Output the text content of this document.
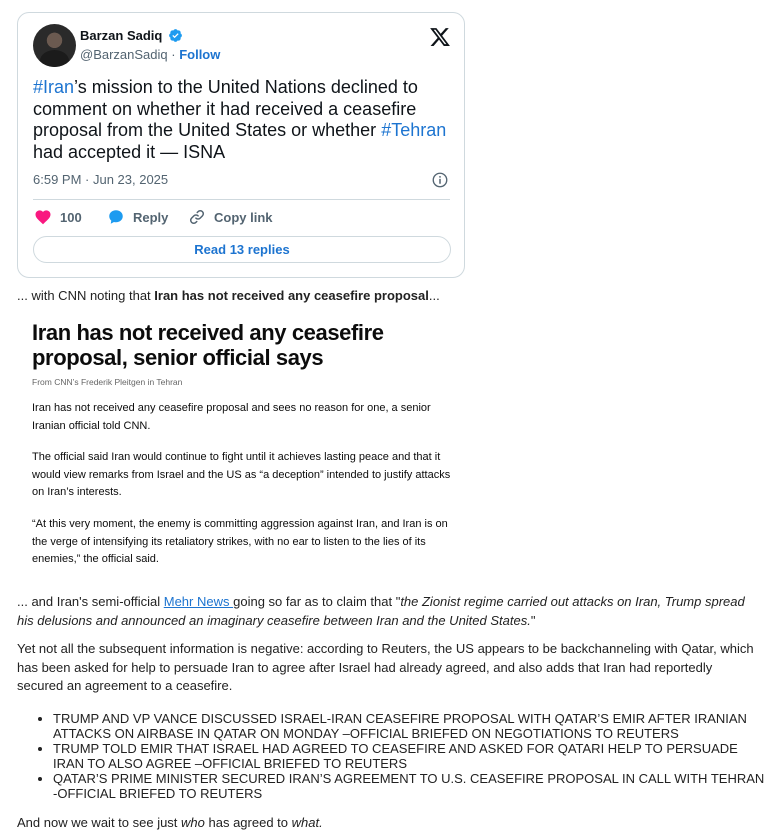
Barzan Sadiq
@BarzanSadiq · Follow
#Iran’s mission to the United Nations declined to comment on whether it had received a ceasefire proposal from the United States or whether #Tehran had accepted it — ISNA
6:59 PM · Jun 23, 2025
100	Reply	Copy link
Read 13 replies
... with CNN noting that Iran has not received any ceasefire proposal...
Iran has not received any ceasefire proposal, senior official says
From CNN’s Frederik Pleitgen in Tehran
Iran has not received any ceasefire proposal and sees no reason for one, a senior Iranian official told CNN.
The official said Iran would continue to fight until it achieves lasting peace and that it would view remarks from Israel and the US as “a deception” intended to justify attacks on Iran’s interests.
“At this very moment, the enemy is committing aggression against Iran, and Iran is on the verge of intensifying its retaliatory strikes, with no ear to listen to the lies of its enemies,” the official said.
... and Iran's semi-official Mehr News going so far as to claim that "the Zionist regime carried out attacks on Iran, Trump spread his delusions and announced an imaginary ceasefire between Iran and the United States."
Yet not all the subsequent information is negative: according to Reuters, the US appears to be backchanneling with Qatar, which has been asked for help to persuade Iran to agree after Israel had already agreed, and also adds that Iran had reportedly secured an agreement to a ceasefire.
• TRUMP AND VP VANCE DISCUSSED ISRAEL-IRAN CEASEFIRE PROPOSAL WITH QATAR’S EMIR AFTER IRANIAN ATTACKS ON AIRBASE IN QATAR ON MONDAY –OFFICIAL BRIEFED ON NEGOTIATIONS TO REUTERS
• TRUMP TOLD EMIR THAT ISRAEL HAD AGREED TO CEASEFIRE AND ASKED FOR QATARI HELP TO PERSUADE IRAN TO ALSO AGREE –OFFICIAL BRIEFED TO REUTERS
• QATAR’S PRIME MINISTER SECURED IRAN’S AGREEMENT TO U.S. CEASEFIRE PROPOSAL IN CALL WITH TEHRAN -OFFICIAL BRIEFED TO REUTERS
And now we wait to see just who has agreed to what.
